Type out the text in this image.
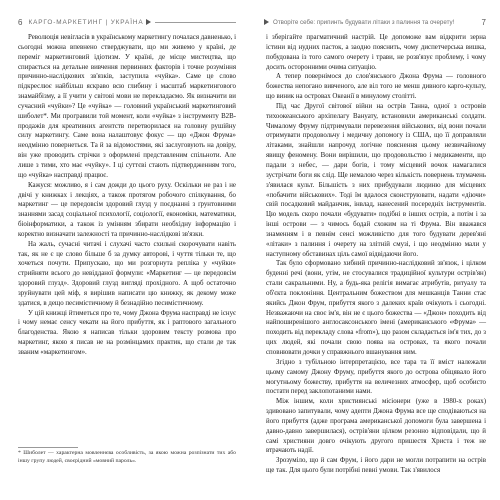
6 КАРГО-МАРКЕТИНГ | УКРАЇНА

Революція невігласів в українському маркетингу почалася давненько, і сьогодні можна впевнено стверджувати, що ми живемо у країні, де переміг маркетинговий ідіотизм. У країні, де місце мистецтва, що спирається на детальне вивчення первинних факторів і точне розуміння причинно-наслідкових зв'язків, заступила «чуйка». Саме це слово підкреслює найбільш яскраво всю глибину і масштаб маркетингового знамайбізму, а її учити у світові мови не перекладаємо. Як визначити ви сучасний «чуйки»? Це «чуйка» — головний український маркетинговий шиболет*. Ми програвили той момент, коли «чуйка» з інструменту B2B-продажів для креативних агентств перетворилася на головну рушійну силу маркетингу. Саме вона налаштовує фокус — що «Джон Фрума» неодмінно повернеться. Та й за відомостями, які заслуговують на довіру, він уже проводить стрічки з оформлені представленим спільноти. Але лише з тими, хто має «чуйку». І ці суттєві стають підтвердженням того, що «чуйка» насправді працює.

Кажуся: можливо, я і сам дожди до цього руху. Оскільки не раз і не двічі у книжках і лекціях, а також протягом робочого спілкування, бо маркетинг — це передовсім здоровий глузд у поєднанні з ґрунтовними знаннями засад соціальної психології, соціології, економіки, математики, біоінформатики, а також із умінням збирати необхідну інформацію і коректно визначати залежності та причинно-наслідкові зв'язки.

На жаль, сучасні читачі і слухачі часто схильні скорочувати навіть так, як не є це слово більше б за думку авторові, і чуття тільки те, що хочеться почути. Припускаю, що ми розгорнута репліка у «чуйки» стрийняти всього до невідданої формули: «Маркетинг — це передовсім здоровий глузд». Здоровий глузд вигляді прохідного. А щоб остаточно зруйнувати цей міф, я вирішив написати цю книжку, як декому може здатися, в дещо песимістичному й безнадійно песимістичному.

У цій книжці йтиметься про те, чому Джона Фрума насправді не існує і чому немає сенсу чекати на його прибуття, як і раптового загального благоденства. Якою я написав тільки здоровим тексту розмова про маркетинг, якою я писав не на розмінцамих практик, що стали де так званим «маркетингом».

* Шиболет — характерна мовленнєва особливість, за якою можна розпізнати тих або іншу групу людей, своєрідний «мовний пароль».
Отворіте себе: припинть будувати літаки з палиння та очерету!	7

і зберігайте прагматичний настрій. Це допоможе вам відкрити зерна істини від нудних пасток, а заодно пояснить, чому диспетчерська вишка, побудована із того самого очерету і трави, не розв'язує проблему, і чому досить осторонними очима ситуацію.

А тепер повернімося до слов'янського Джона Фрума — головного божества непогано вивченого, але віл того не менш дивного карго-культу, що виник на островах Океанії в минулому столітті.

Під час Другої світової війни на острів Танна, одної з островів тихоокеанського архіпелагу Вануату, встановили американські солдати. Чималому Фруму підтримували перевезення військових, від вони почали отримувати продовольчу і медичну допомогу із США, що її доправляли літаками, знайшли напрочуд логічне пояснення цьому незвичайному явищу феномену. Вони вирішили, що продовольство і медикаменти, що падали з небес, — дари богів, і тому місцевий вочок намагалися зустрічати боги як слід. Ще немалою через кількість повернень тлумачень з'явилася культ. Більшість з них прибудували людиню для місцевих «побачити військових». Тоді їм вдалося сконструювати, надати «діючи» свій посадковий майданчик, інвлад, нанесений посередніх інструментів. Цю модель скоро почали «будувати» подібні в інших острів, а потім і за інші острови — з чимось бодай схожим на ті Фрума. Він вважався знаменням і в певнім сенсі можливістю для того будувати дерев'яні «літаки» з палиння і очерету на злітній смузі, і що неодмінно мали у наступному обставинах ціль самої відвідаючи його.

Так було сформовано хибний причинно-наслідковий зв'язок, і цілком буденні речі (вони, утім, не стосувалися традиційної культури острів'ян) стали сакральними. Ну, а будь-яка релігія вимагає атрибутів, ритуалу та об'єкта поклоніння. Центральним божеством для мешканців Танни стає якийсь Джон Фрум, прибуття якого з далеких країв очікують і сьогодні. Незважаючи на своє ім'я, він не є цього божества — «Джон» походить від найпоширенішого англосаксонського імені (американського «Фрума» — походить від перекладу слова «from»), що разом складається ім'я тих, до з цих людей, які почали свою поява на островах, та якого почали сповнювати дочки у справжнього вшанування ним.

Згідно з тубільною інтерпретацією, все тара та її вміст належали цьому самому Джону Фруму, прибуття якого до острова обіцявало його могутньому божеству, прибуття на величезних атмосфер, щоб особисто постати перед заклопотаними нами.

Між іншим, коли християнські місіонери (уже в 1980-х роках) здивовано запитували, чому адепти Джона Фрума все ще сподіваються на його прибуття (адже програма американської допомоги була завершена і давно-давно завершилася), острів'яни цілком резонно відповідали, що й самі християни довго очікують другого пришестя Христа і теж не втрачають надії.

Зрозуміло, що й сам Фрум, і його дари не могли потрапити на острів ще так. Для цього були потрібні певні умови. Так з'явилося
